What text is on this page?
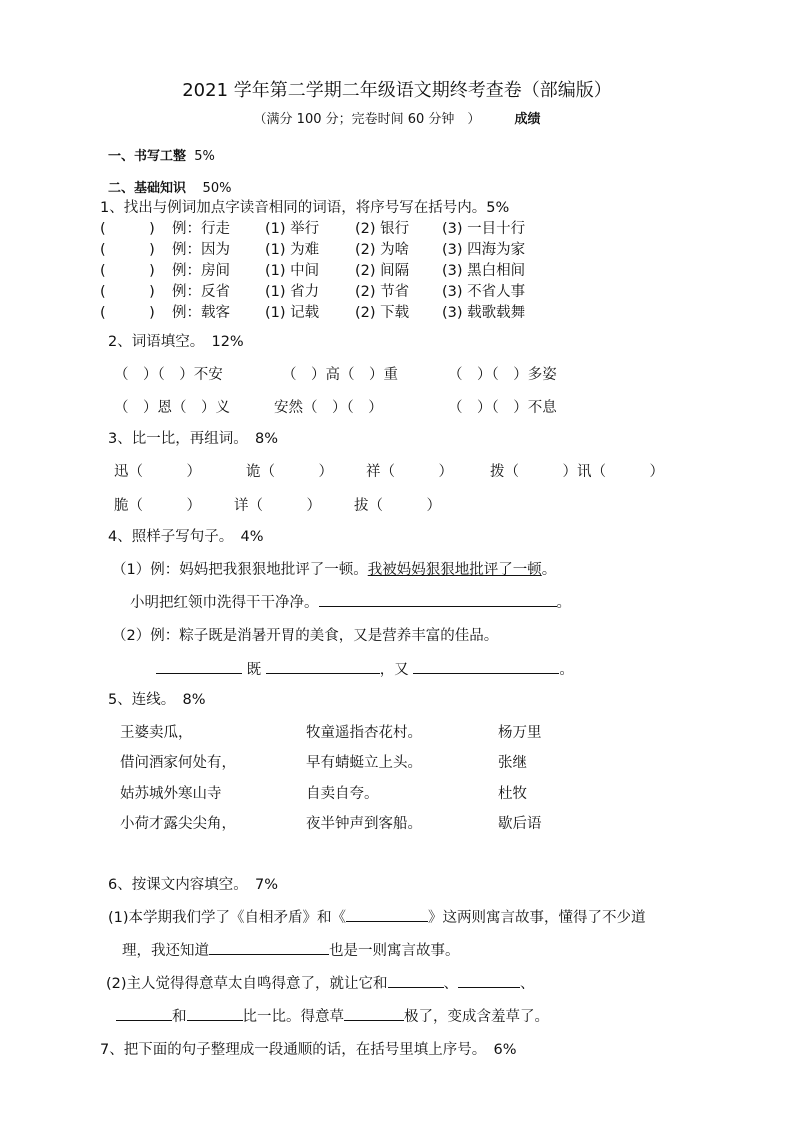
2021 学年第二学期二年级语文期终考查卷（部编版）
（满分 100 分；完卷时间 60 分钟　）	成绩
一、书写工整 5%
二、基础知识 50%
1、找出与例词加点字读音相同的词语，将序号写在括号内。5%
(　　　) 例：行走 (1) 举行 (2) 银行 (3) 一目十行
(　　　) 例：因为 (1) 为难 (2) 为啥 (3) 四海为家
(　　　) 例：房间 (1) 中间 (2) 间隔 (3) 黑白相间
(　　　) 例：反省 (1) 省力 (2) 节省 (3) 不省人事
(　　　) 例：载客 (1) 记载 (2) 下载 (3) 载歌载舞
2、词语填空。　12%
（　）（　）不安	（　）高（　）重	（　）（　）多姿
（　）恩（　）义	安然（　）（　）	（　）（　）不息
3、比一比，再组词。　8%
迅（　　　）	诡（　　　） 祥（　　　）	拨（　　　）讯（　　　）
脆（　　　） 详（　　　） 拔（　　　）
4、照样子写句子。　4%
（1）例：妈妈把我狠狠地批评了一顿。我被妈妈狠狠地批评了一顿。
小明把红领巾洗得干干净净。	。
（2）例：粽子既是消暑开胃的美食，又是营养丰富的佳品。
既	，又	。
5、连线。　8%
王婆卖瓜，	牧童遥指杏花村。	杨万里
借问酒家何处有，	早有蜻蜓立上头。	张继
姑苏城外寒山寺	自卖自夸。	杜牧
小荷才露尖尖角，	夜半钟声到客船。	歇后语
6、按课文内容填空。　7%
(1)本学期我们学了《自相矛盾》和《	》这两则寓言故事，懂得了不少道
理，我还知道	也是一则寓言故事。
(2)主人觉得得意草太自鸣得意了，就让它和	、	、
和	比一比。得意草	极了，变成含羞草了。
7、把下面的句子整理成一段通顺的话，在括号里填上序号。　6%
